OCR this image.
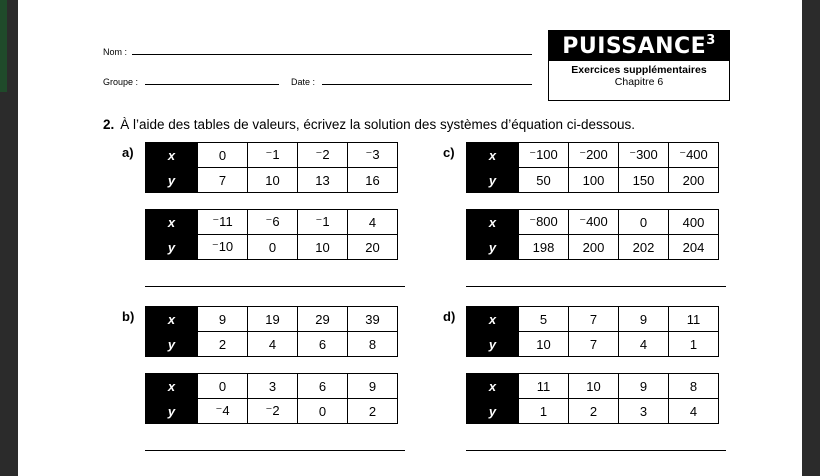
Nom :
Groupe :	Date :
PUISSANCE$^3$
Exercices supplémentaires
Chapitre 6
2. À l’aide des tables de valeurs, écrivez la solution des systèmes d’équation ci-dessous.
a)	x	0	⁻1	⁻2	⁻3
y	7	10	13	16
x	⁻11	⁻6	⁻1	4
y	⁻10	0	10	20
c)	x	⁻100	⁻200	⁻300	⁻400
y	50	100	150	200
x	⁻800	⁻400	0	400
y	198	200	202	204
b)	x	9	19	29	39
y	2	4	6	8
x	0	3	6	9
y	⁻4	⁻2	0	2
d)	x	5	7	9	11
y	10	7	4	1
x	11	10	9	8
y	1	2	3	4
